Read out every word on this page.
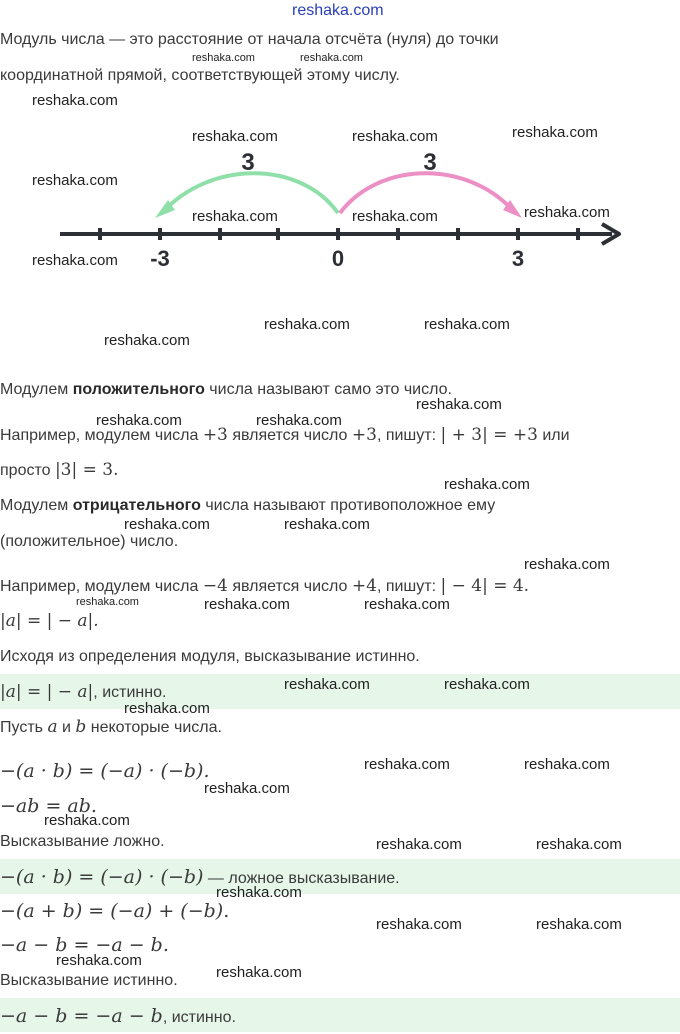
reshaka.com
Модуль числа — это расстояние от начала отсчёта (нуля) до точки
координатной прямой, соответствующей этому числу.
3	3
-3	0	3
Модулем положительного числа называют само это число.
Например, модулем числа +3 является число +3, пишут: | + 3| = +3 или
просто |3| = 3.
Модулем отрицательного числа называют противоположное ему
(положительное) число.
Например, модулем числа −4 является число +4, пишут: | − 4| = 4.
|a| = | − a|.
Исходя из определения модуля, высказывание истинно.
|a| = | − a|, истинно.
Пусть a и b некоторые числа.
−(a · b) = (−a) · (−b).
−ab = ab.
Высказывание ложно.
−(a · b) = (−a) · (−b) — ложное высказывание.
−(a + b) = (−a) + (−b).
−a − b = −a − b.
Высказывание истинно.
−a − b = −a − b, истинно.
reshaka.com	reshaka.com
reshaka.com
reshaka.com	reshaka.com	reshaka.com
reshaka.com
reshaka.com	reshaka.com	reshaka.com
reshaka.com
reshaka.com	reshaka.com
reshaka.com
reshaka.com
reshaka.com	reshaka.com
reshaka.com
reshaka.com	reshaka.com
reshaka.com
reshaka.com	reshaka.com	reshaka.com
reshaka.com	reshaka.com
reshaka.com
reshaka.com	reshaka.com
reshaka.com
reshaka.com
reshaka.com	reshaka.com
reshaka.com
reshaka.com	reshaka.com
reshaka.com
reshaka.com
